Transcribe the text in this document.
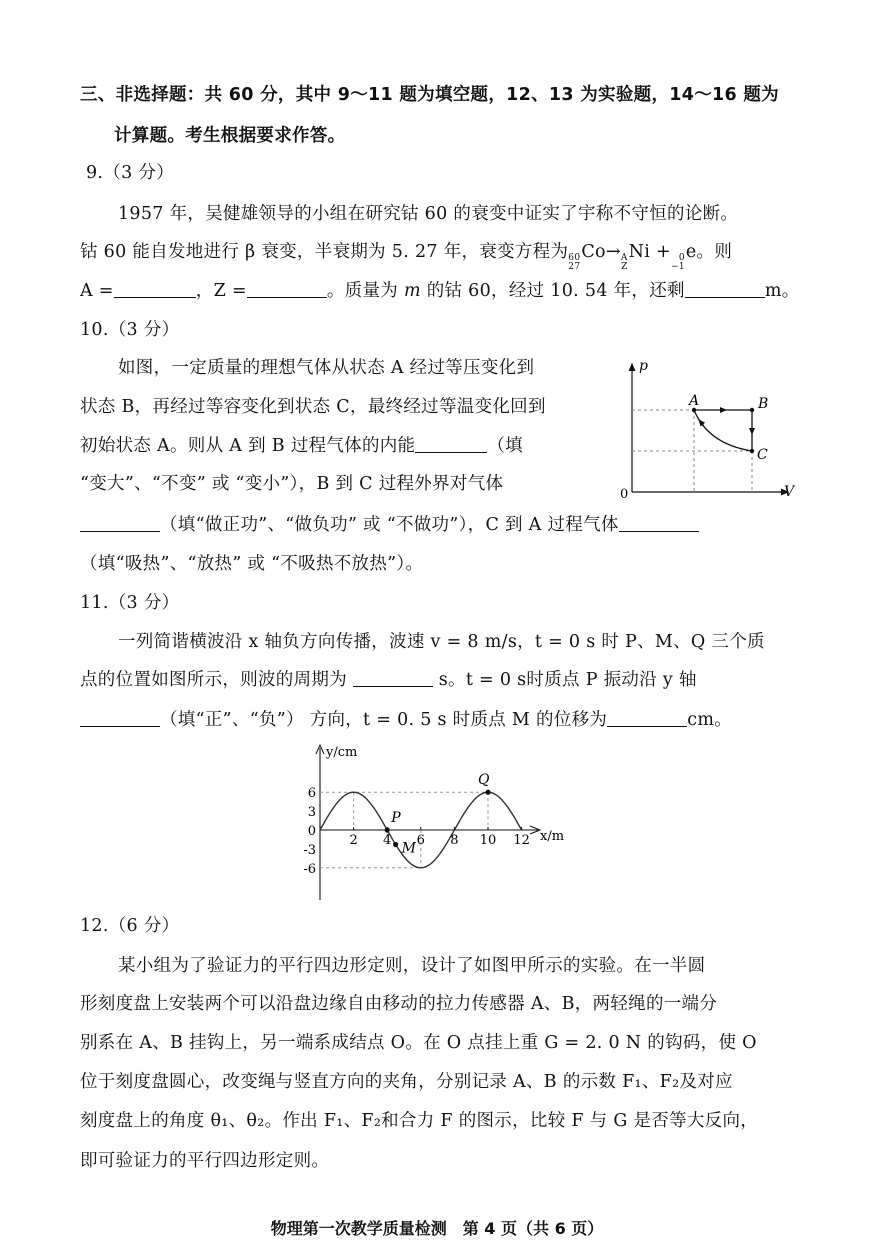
三、非选择题：共 60 分，其中 9～11 题为填空题，12、13 为实验题，14～16 题为
计算题。考生根据要求作答。
9.（3 分）
1957 年，吴健雄领导的小组在研究钴 60 的衰变中证实了宇称不守恒的论断。
钴 60 能自发地进行 β 衰变，半衰期为 5. 27 年，衰变方程为 60
27
Co→ A
Z
Ni + 0
−1
e。则
A =	，Z =	。质量为 m 的钴 60，经过 10. 54 年，还剩	m。
10.（3 分）
如图，一定质量的理想气体从状态 A 经过等压变化到
状态 B，再经过等容变化到状态 C，最终经过等温变化回到
初始状态 A。则从 A 到 B 过程气体的内能	（填
“变大”、“不变” 或 “变小”），B 到 C 过程外界对气体
（填“做正功”、“做负功” 或 “不做功”），C 到 A 过程气体
（填“吸热”、“放热” 或 “不吸热不放热”）。
p
V
0
A	B
C
11.（3 分）
一列简谐横波沿 x 轴负方向传播，波速 v = 8 m/s，t = 0 s 时 P、M、Q 三个质
点的位置如图所示，则波的周期为	s。t = 0 s时质点 P 振动沿 y 轴
（填“正”、“负”） 方向，t = 0. 5 s 时质点 M 的位移为	cm。
2 4 6 8 10 12
6
3
0
-3
-6
Q
P
M
y/cm
x/m
12.（6 分）
某小组为了验证力的平行四边形定则，设计了如图甲所示的实验。在一半圆
形刻度盘上安装两个可以沿盘边缘自由移动的拉力传感器 A、B，两轻绳的一端分
别系在 A、B 挂钩上，另一端系成结点 O。在 O 点挂上重 G = 2. 0 N 的钩码，使 O
位于刻度盘圆心，改变绳与竖直方向的夹角，分别记录 A、B 的示数 F₁、F₂及对应
刻度盘上的角度 θ₁、θ₂。作出 F₁、F₂和合力 F 的图示，比较 F 与 G 是否等大反向，
即可验证力的平行四边形定则。
物理第一次教学质量检测　第 4 页（共 6 页）
